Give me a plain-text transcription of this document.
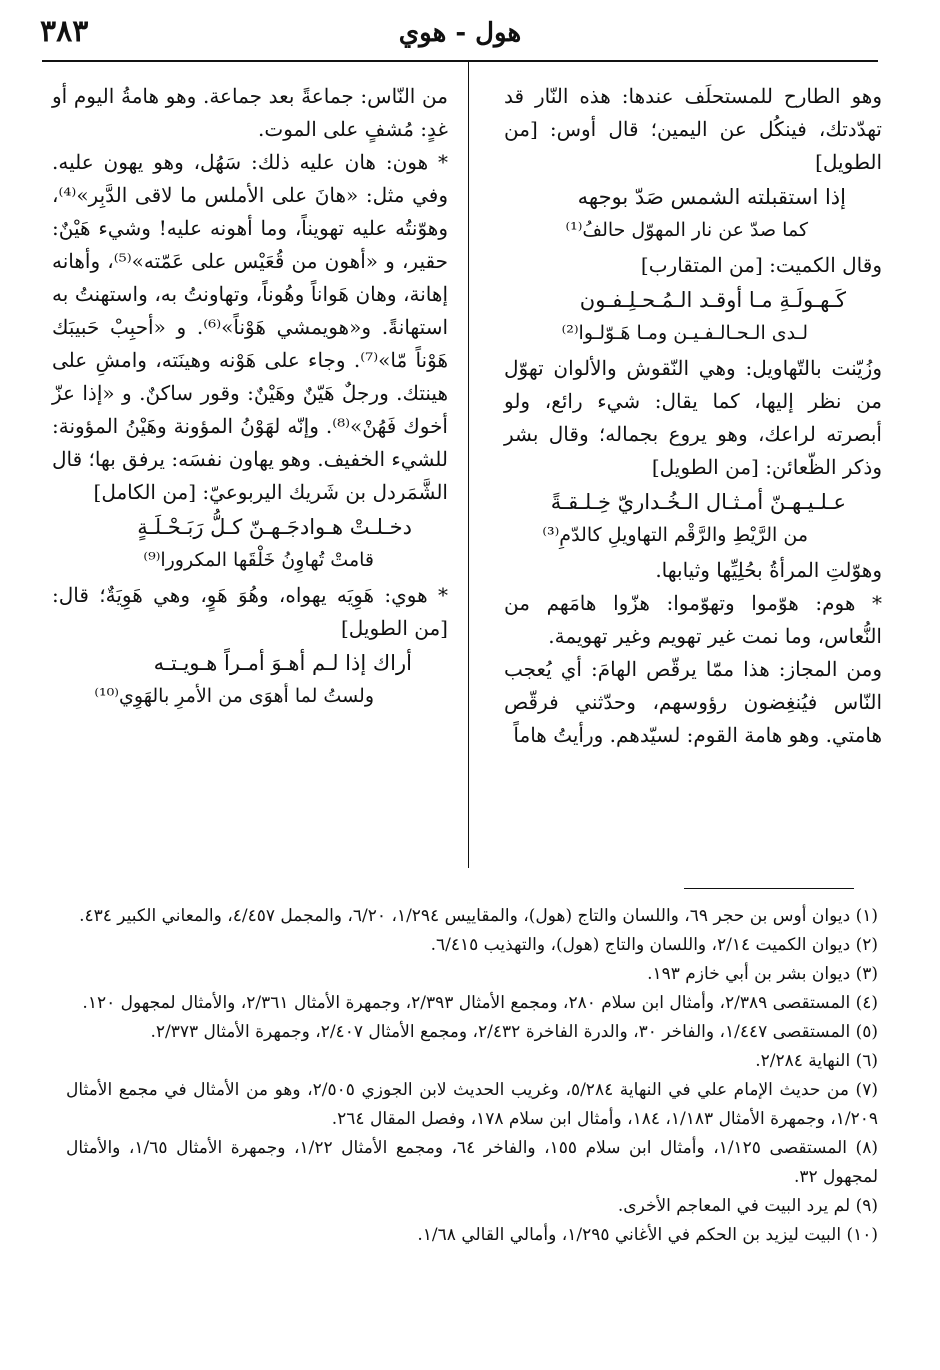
٣٨٣	هول - هوي

وهو الطارح للمستحلَف عندها: هذه النّار قد تهدّدتك، فينكُل عن اليمين؛ قال أوس: [من الطويل]

إذا استقبلته الشمس صَدّ بوجهه
كما صدّ عن نار المهوّل حالفُ⁽¹⁾

وقال الكميت: [من المتقارب]

كَـهـولَـةِ مـا أوقـد الـمُـحـلِـفـون
لـدى الـحـالـفـيـن ومـا هَـوّلـوا⁽²⁾

وزُيّنت بالتّهاويل: وهي النّقوش والألوان تهوّل من نظر إليها، كما يقال: شيء رائع، ولو أبصرته لراعك، وهو يروع بجماله؛ وقال بشر وذكر الظّعائن: [من الطويل]

عـلـيـهـنّ أمـثـال الـخُـداريّ خِـلـقـةً
من الرَّيْطِ والرَّقْم التهاويلِ كالدّمِ⁽³⁾

وهوّلتِ المرأةُ بحُلِيِّها وثيابها.

* هوم: هوّموا وتهوّموا: هزّوا هامَهم من النُّعاس، وما نمت غير تهويم وغير تهويمة.

ومن المجاز: هذا ممّا يرقّص الهامَ: أي يُعجب النّاس فيُنغِضون رؤوسهم، وحدّثني فرقّص هامتي. وهو هامة القوم: لسيّدهم. ورأيتُ هاماً

من النّاس: جماعةً بعد جماعة. وهو هامةُ اليوم أو غدٍ: مُشفٍ على الموت.

* هون: هان عليه ذلك: سَهُل، وهو يهون عليه. وفي مثل: «هانَ على الأملس ما لاقى الدَّبِر»⁽⁴⁾، وهوّنتُه عليه تهويناً، وما أهونه عليه! وشيء هَيْنٌ: حقير، و «أهون من قُعَيْس على عَمّته»⁽⁵⁾، وأهانه إهانة، وهان هَواناً وهُوناً، وتهاونتُ به، واستهنتُ به استهانةً. و«هويمشي هَوْناً»⁽⁶⁾. و «أحبِبْ حَبيبَك هَوْناً مّا»⁽⁷⁾. وجاء على هَوْنه وهينَته، وامشِ على هينتك. ورجلٌ هَيّنٌ وهَيْنٌ: وقور ساكنٌ. و «إذا عزّ أخوك فَهُنْ»⁽⁸⁾. وإنّه لهَوْنُ المؤونة وهَيْنُ المؤونة: للشيء الخفيف. وهو يهاون نفسَه: يرفق بها؛ قال الشَّمَردل بن شَريك اليربوعيّ: [من الكامل]

دخـلـتْ هـوادجَـهـنّ كـلُّ رَبَـحْـلَـةٍ
قامتْ تُهاوِنُ خَلْقَها المكرورا⁽⁹⁾

* هوي: هَوِيَه يهواه، وهُوَ هَوٍ، وهي هَوِيَةٌ؛ قال: [من الطويل]

أراك إذا لـم أهـوَ أمـراً هـويـتـه
ولستُ لما أهوَى من الأمرِ بالهَوِي⁽¹⁰⁾

(١) ديوان أوس بن حجر ٦٩، واللسان والتاج (هول)، والمقاييس ١/٢٩٤، ٦/٢٠، والمجمل ٤/٤٥٧، والمعاني الكبير ٤٣٤.

(٢) ديوان الكميت ٢/١٤، واللسان والتاج (هول)، والتهذيب ٦/٤١٥.

(٣) ديوان بشر بن أبي خازم ١٩٣.

(٤) المستقصى ٢/٣٨٩، وأمثال ابن سلام ٢٨٠، ومجمع الأمثال ٢/٣٩٣، وجمهرة الأمثال ٢/٣٦١، والأمثال لمجهول ١٢٠.

(٥) المستقصى ١/٤٤٧، والفاخر ٣٠، والدرة الفاخرة ٢/٤٣٢، ومجمع الأمثال ٢/٤٠٧، وجمهرة الأمثال ٢/٣٧٣.

(٦) النهاية ٢/٢٨٤.

(٧) من حديث الإمام علي في النهاية ٥/٢٨٤، وغريب الحديث لابن الجوزي ٢/٥٠٥، وهو من الأمثال في مجمع الأمثال ١/٢٠٩، وجمهرة الأمثال ١/١٨٣، ١٨٤، وأمثال ابن سلام ١٧٨، وفصل المقال ٢٦٤.

(٨) المستقصى ١/١٢٥، وأمثال ابن سلام ١٥٥، والفاخر ٦٤، ومجمع الأمثال ١/٢٢، وجمهرة الأمثال ١/٦٥، والأمثال لمجهول ٣٢.

(٩) لم يرد البيت في المعاجم الأخرى.

(١٠) البيت ليزيد بن الحكم في الأغاني ١/٢٩٥، وأمالي القالي ١/٦٨.
